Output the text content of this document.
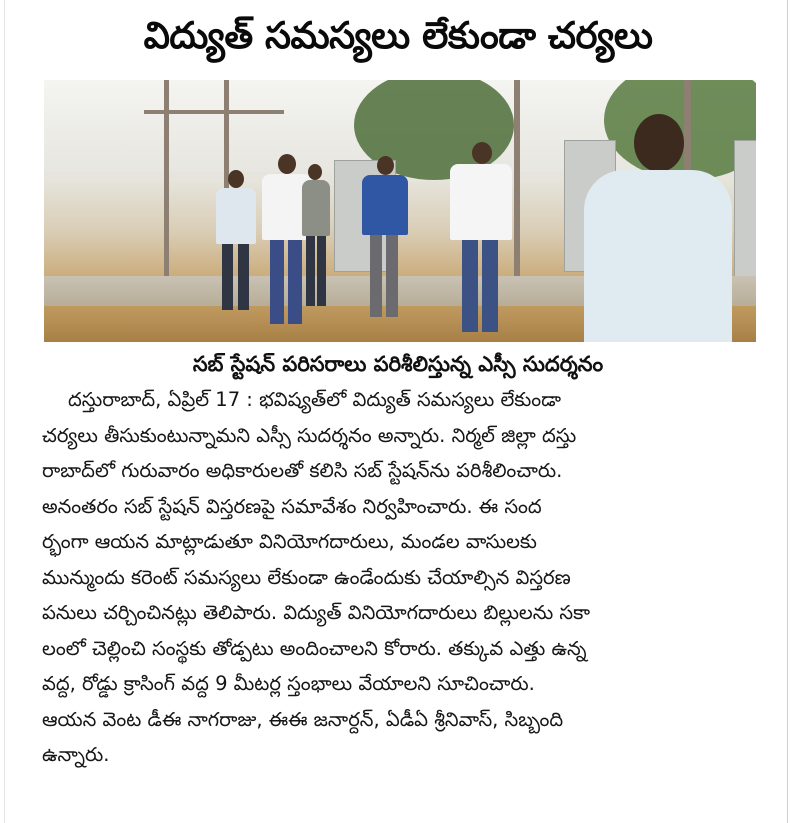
విద్యుత్ సమస్యలు లేకుండా చర్యలు
సబ్ స్టేషన్ పరిసరాలు పరిశీలిస్తున్న ఎస్సీ సుదర్శనం

దస్తురాబాద్, ఏప్రిల్ 17 : భవిష్యత్‌లో విద్యుత్ సమస్యలు లేకుండా

చర్యలు తీసుకుంటున్నామని ఎస్సీ సుదర్శనం అన్నారు. నిర్మల్ జిల్లా దస్తు

రాబాద్‌లో గురువారం అధికారులతో కలిసి సబ్ స్టేషన్‌ను పరిశీలించారు.

అనంతరం సబ్ స్టేషన్ విస్తరణపై సమావేశం నిర్వహించారు. ఈ సంద

ర్భంగా ఆయన మాట్లాడుతూ వినియోగదారులు, మండల వాసులకు

మున్ముందు కరెంట్ సమస్యలు లేకుండా ఉండేందుకు చేయాల్సిన విస్తరణ

పనులు చర్చించినట్లు తెలిపారు. విద్యుత్ వినియోగదారులు బిల్లులను సకా

లంలో చెల్లించి సంస్థకు తోడ్పటు అందించాలని కోరారు. తక్కువ ఎత్తు ఉన్న

వద్ద, రోడ్డు క్రాసింగ్ వద్ద 9 మీటర్ల స్తంభాలు వేయాలని సూచించారు.

ఆయన వెంట డీఈ నాగరాజు, ఈఈ జనార్దన్, ఏడీఏ శ్రీనివాస్, సిబ్బంది

ఉన్నారు.
